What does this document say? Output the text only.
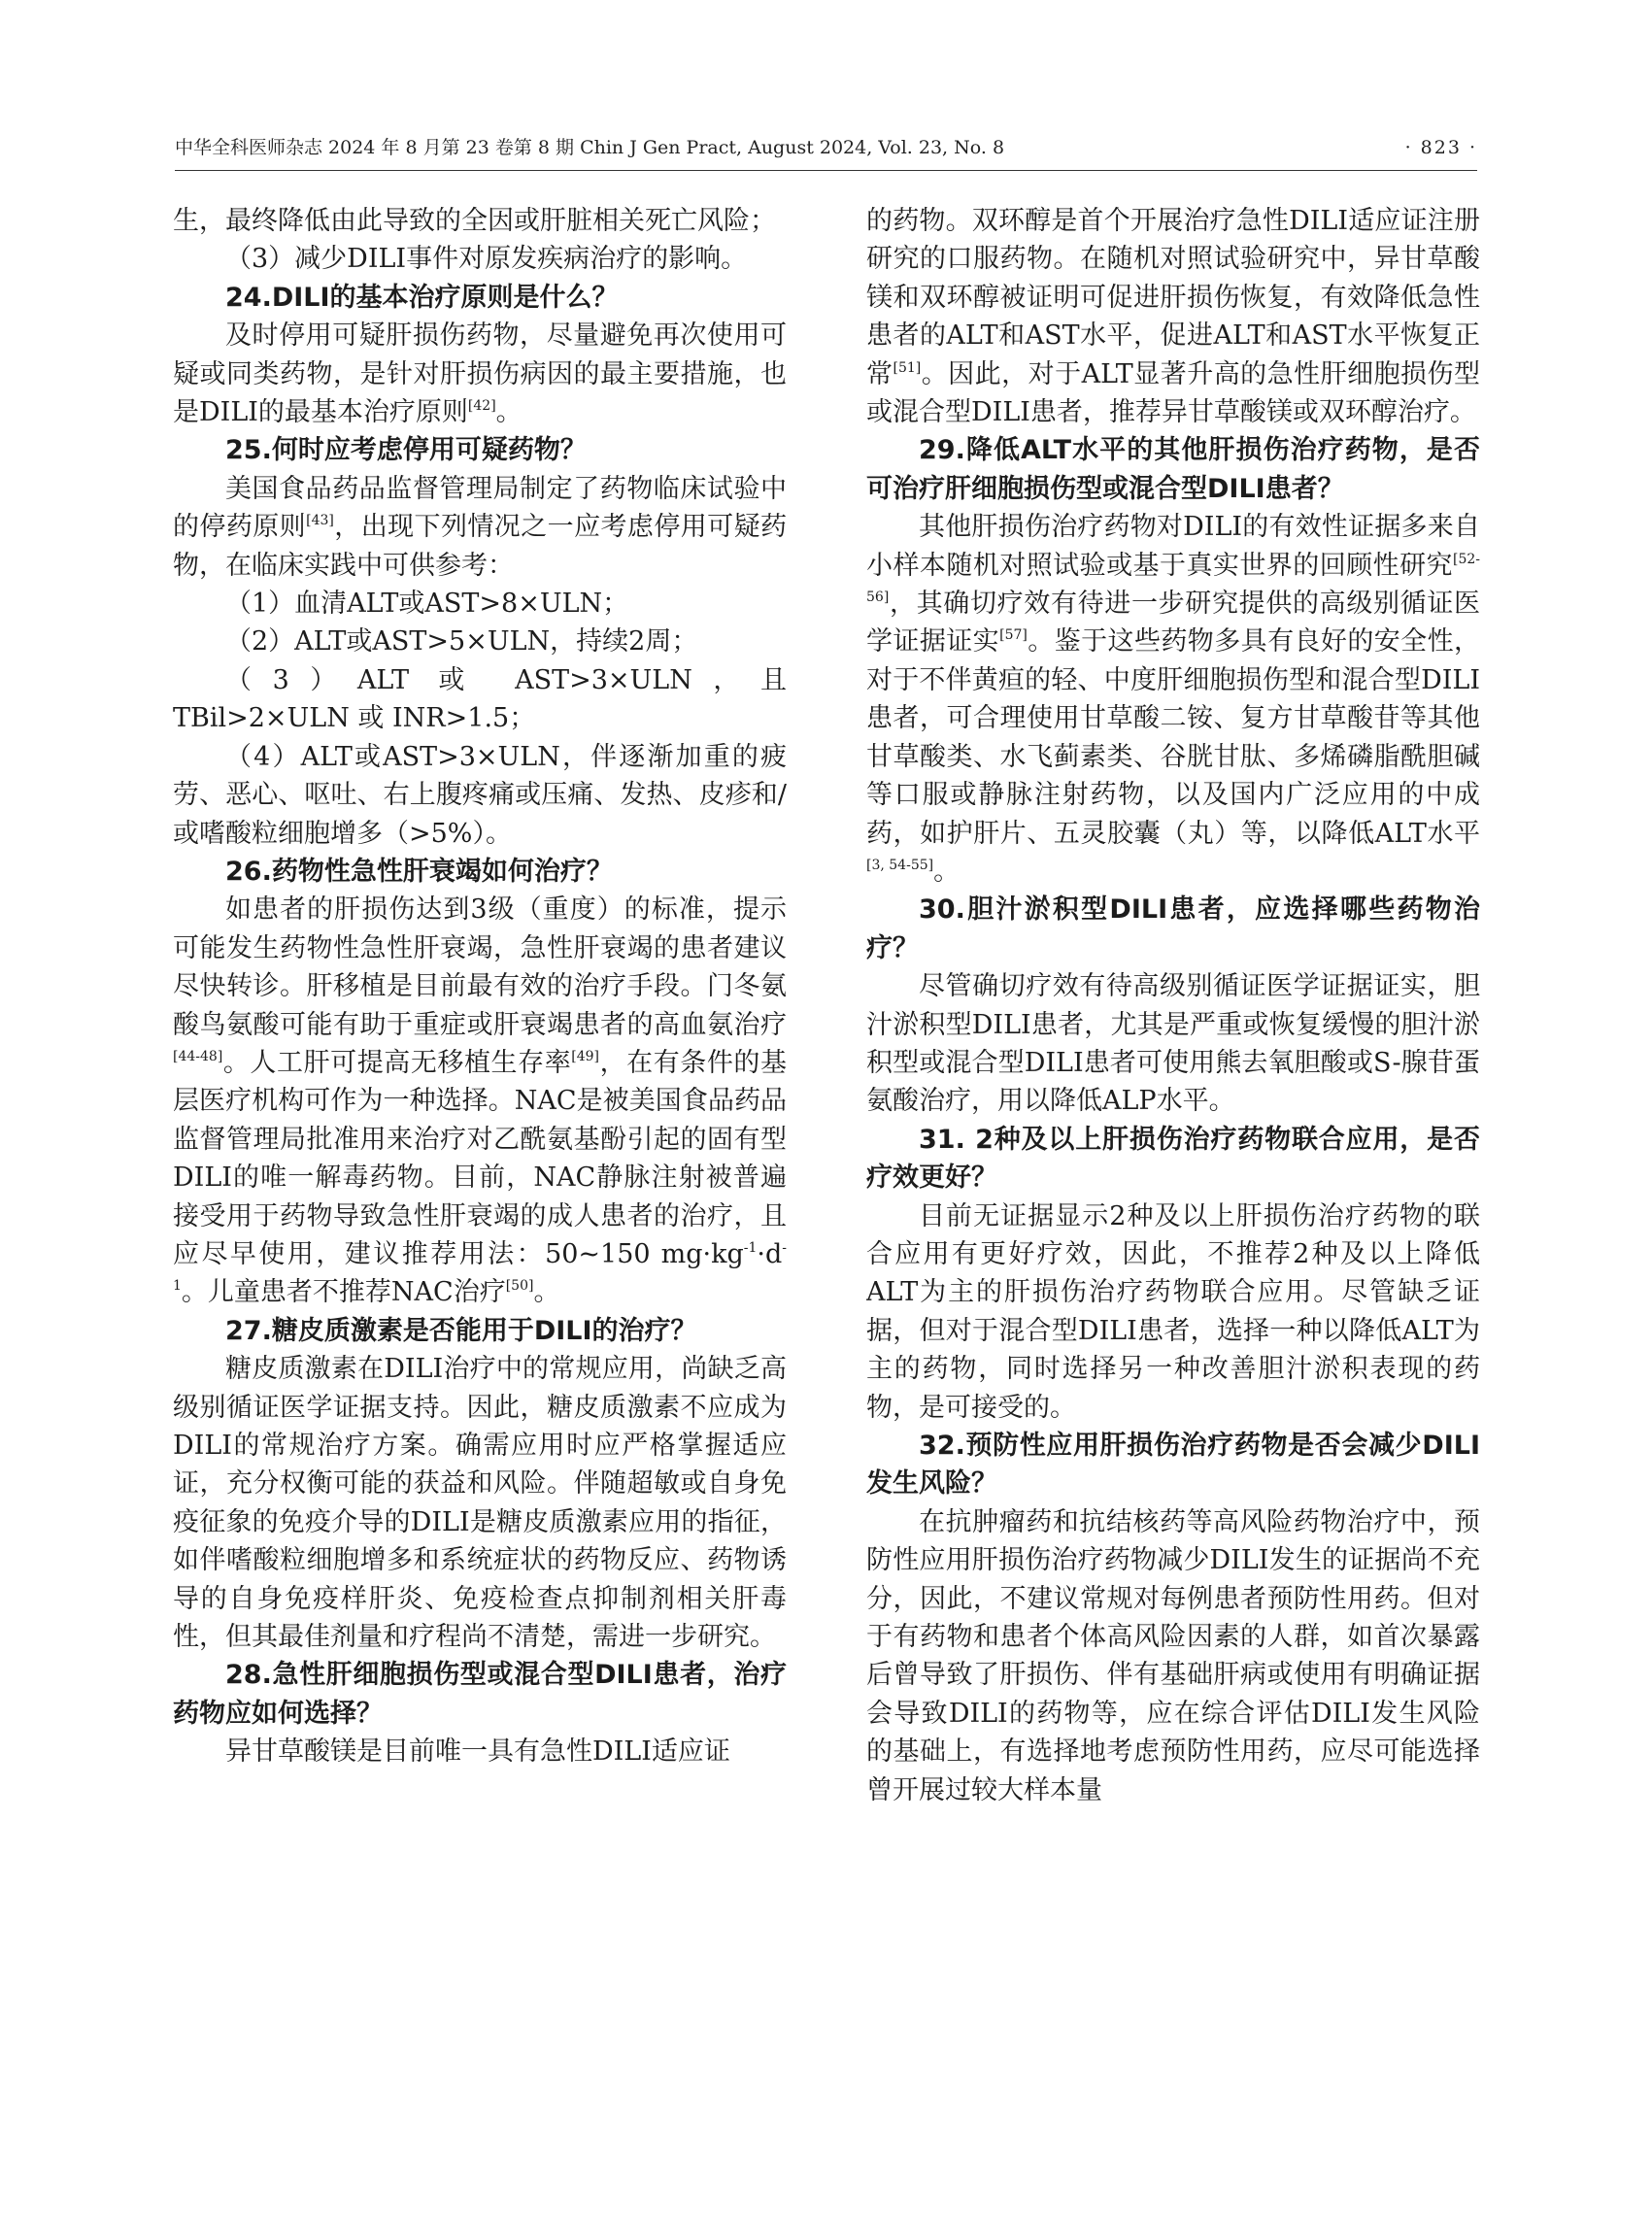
中华全科医师杂志 2024 年 8 月第 23 卷第 8 期 Chin J Gen Pract, August 2024, Vol. 23, No. 8	· 823 ·

生，最终降低由此导致的全因或肝脏相关死亡风险；

（3）减少DILI事件对原发疾病治疗的影响。

24.DILI的基本治疗原则是什么？

及时停用可疑肝损伤药物，尽量避免再次使用可疑或同类药物，是针对肝损伤病因的最主要措施，也是DILI的最基本治疗原则[42]。

25.何时应考虑停用可疑药物？

美国食品药品监督管理局制定了药物临床试验中的停药原则[43]，出现下列情况之一应考虑停用可疑药物，在临床实践中可供参考：

（1）血清ALT或AST>8×ULN；

（2）ALT或AST>5×ULN，持续2周；

（3）ALT 或 AST>3×ULN，且 TBil>2×ULN 或 INR>1.5；

（4）ALT或AST>3×ULN，伴逐渐加重的疲劳、恶心、呕吐、右上腹疼痛或压痛、发热、皮疹和/或嗜酸粒细胞增多（>5%）。

26.药物性急性肝衰竭如何治疗？

如患者的肝损伤达到3级（重度）的标准，提示可能发生药物性急性肝衰竭，急性肝衰竭的患者建议尽快转诊。肝移植是目前最有效的治疗手段。门冬氨酸鸟氨酸可能有助于重症或肝衰竭患者的高血氨治疗[44-48]。人工肝可提高无移植生存率[49]，在有条件的基层医疗机构可作为一种选择。NAC是被美国食品药品监督管理局批准用来治疗对乙酰氨基酚引起的固有型DILI的唯一解毒药物。目前，NAC静脉注射被普遍接受用于药物导致急性肝衰竭的成人患者的治疗，且应尽早使用，建议推荐用法：50~150 $mg\cdot kg^{-1}\cdot d^{-1}$。儿童患者不推荐NAC治疗[50]。

27.糖皮质激素是否能用于DILI的治疗？

糖皮质激素在DILI治疗中的常规应用，尚缺乏高级别循证医学证据支持。因此，糖皮质激素不应成为DILI的常规治疗方案。确需应用时应严格掌握适应证，充分权衡可能的获益和风险。伴随超敏或自身免疫征象的免疫介导的DILI是糖皮质激素应用的指征，如伴嗜酸粒细胞增多和系统症状的药物反应、药物诱导的自身免疫样肝炎、免疫检查点抑制剂相关肝毒性，但其最佳剂量和疗程尚不清楚，需进一步研究。

28.急性肝细胞损伤型或混合型DILI患者，治疗药物应如何选择？

异甘草酸镁是目前唯一具有急性DILI适应证

的药物。双环醇是首个开展治疗急性DILI适应证注册研究的口服药物。在随机对照试验研究中，异甘草酸镁和双环醇被证明可促进肝损伤恢复，有效降低急性患者的ALT和AST水平，促进ALT和AST水平恢复正常[51]。因此，对于ALT显著升高的急性肝细胞损伤型或混合型DILI患者，推荐异甘草酸镁或双环醇治疗。

29.降低ALT水平的其他肝损伤治疗药物，是否可治疗肝细胞损伤型或混合型DILI患者？

其他肝损伤治疗药物对DILI的有效性证据多来自小样本随机对照试验或基于真实世界的回顾性研究[52-56]，其确切疗效有待进一步研究提供的高级别循证医学证据证实[57]。鉴于这些药物多具有良好的安全性，对于不伴黄疸的轻、中度肝细胞损伤型和混合型DILI患者，可合理使用甘草酸二铵、复方甘草酸苷等其他甘草酸类、水飞蓟素类、谷胱甘肽、多烯磷脂酰胆碱等口服或静脉注射药物，以及国内广泛应用的中成药，如护肝片、五灵胶囊（丸）等，以降低ALT水平[3, 54-55]。

30.胆汁淤积型DILI患者，应选择哪些药物治疗？

尽管确切疗效有待高级别循证医学证据证实，胆汁淤积型DILI患者，尤其是严重或恢复缓慢的胆汁淤积型或混合型DILI患者可使用熊去氧胆酸或S-腺苷蛋氨酸治疗，用以降低ALP水平。

31. 2种及以上肝损伤治疗药物联合应用，是否疗效更好？

目前无证据显示2种及以上肝损伤治疗药物的联合应用有更好疗效，因此，不推荐2种及以上降低ALT为主的肝损伤治疗药物联合应用。尽管缺乏证据，但对于混合型DILI患者，选择一种以降低ALT为主的药物，同时选择另一种改善胆汁淤积表现的药物，是可接受的。

32.预防性应用肝损伤治疗药物是否会减少DILI发生风险？

在抗肿瘤药和抗结核药等高风险药物治疗中，预防性应用肝损伤治疗药物减少DILI发生的证据尚不充分，因此，不建议常规对每例患者预防性用药。但对于有药物和患者个体高风险因素的人群，如首次暴露后曾导致了肝损伤、伴有基础肝病或使用有明确证据会导致DILI的药物等，应在综合评估DILI发生风险的基础上，有选择地考虑预防性用药，应尽可能选择曾开展过较大样本量
